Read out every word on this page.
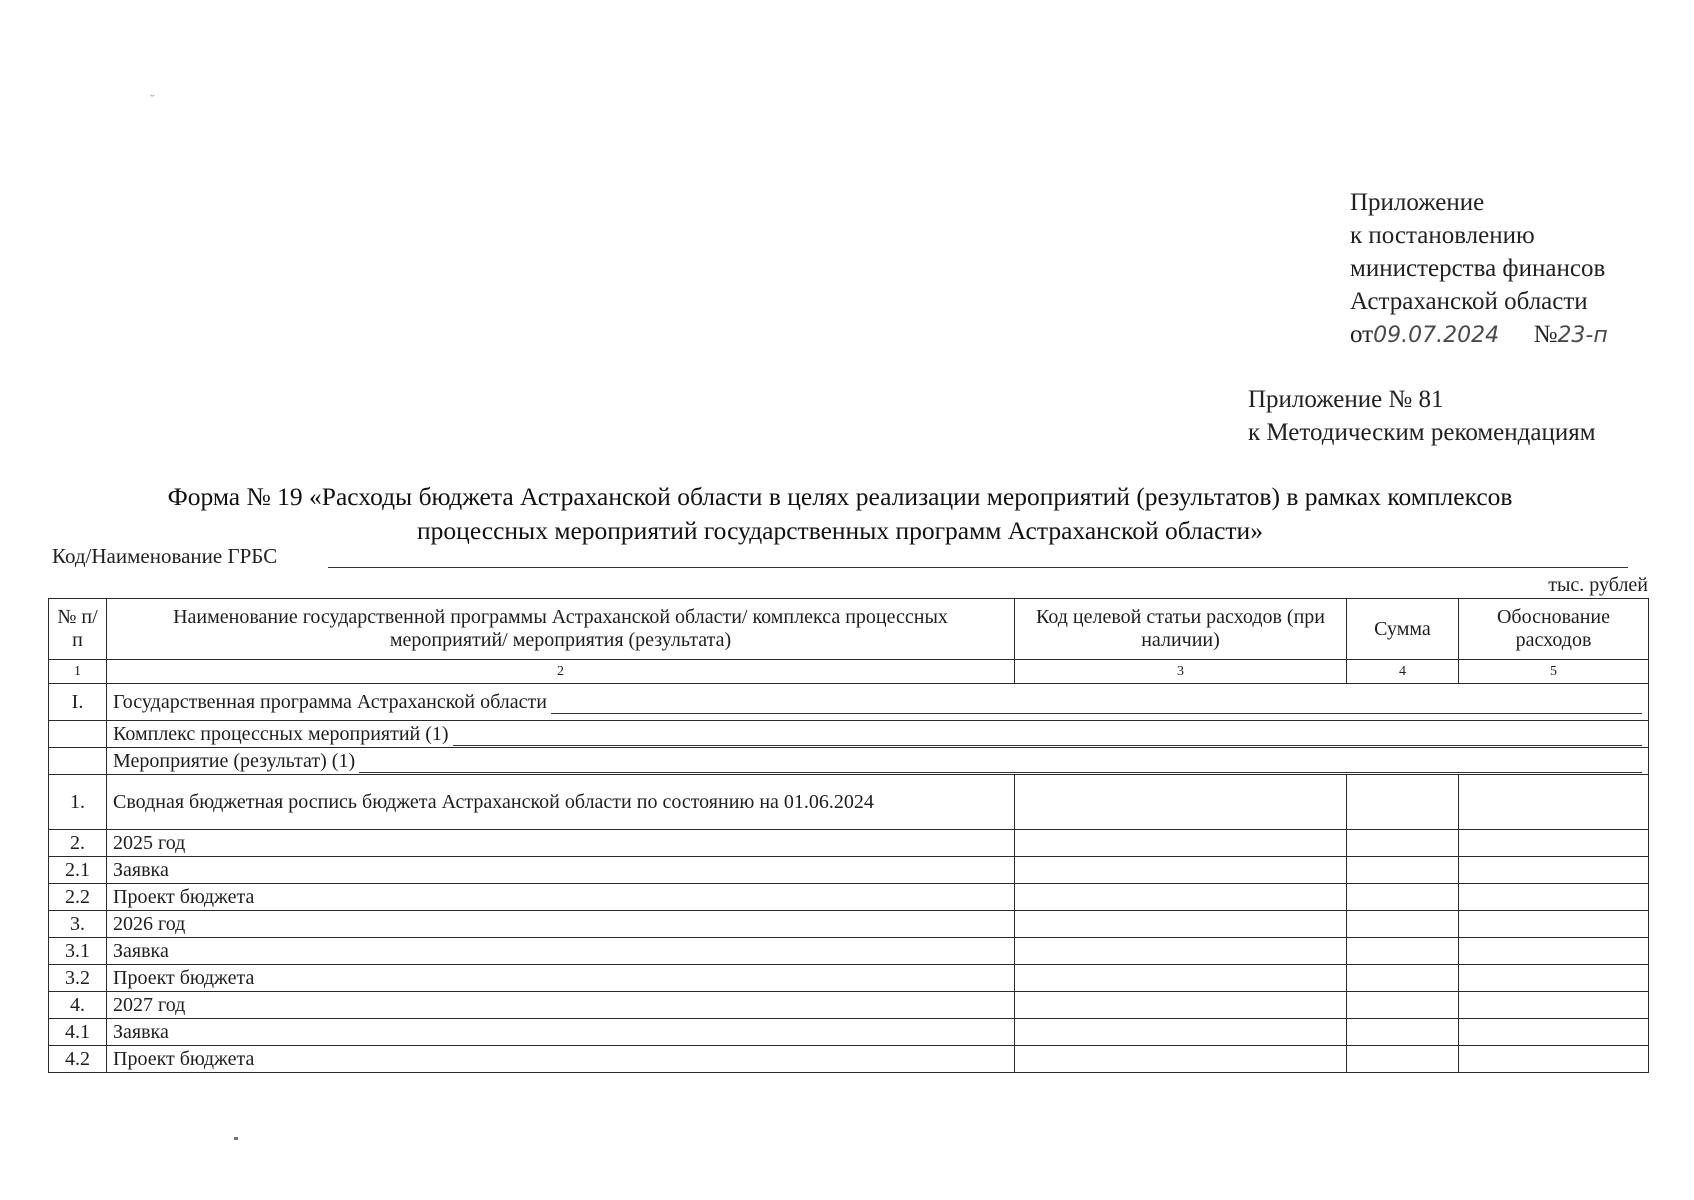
ˇ
Приложение
к постановлению
министерства финансов
Астраханской области
от09.07.2024 №23-п
Приложение № 81
к Методическим рекомендациям
Форма № 19 «Расходы бюджета Астраханской области в целях реализации мероприятий (результатов) в рамках комплексов
процессных мероприятий государственных программ Астраханской области»
Код/Наименование ГРБС
тыс. рублей
№ п/п	Наименование государственной программы Астраханской области/ комплекса процессных мероприятий/ мероприятия (результата)	Код целевой статьи расходов (при наличии)	Сумма	Обоснование расходов
1	2	3	4	5
I.	Государственная программа Астраханской области			

	Комплекс процессных мероприятий (1)			

	Мероприятие (результат) (1)			

1.	Сводная бюджетная роспись бюджета Астраханской области по состоянию на 01.06.2024			
2.	2025 год			
2.1	Заявка			
2.2	Проект бюджета			
3.	2026 год			
3.1	Заявка			
3.2	Проект бюджета			
4.	2027 год			
4.1	Заявка			
4.2	Проект бюджета			
